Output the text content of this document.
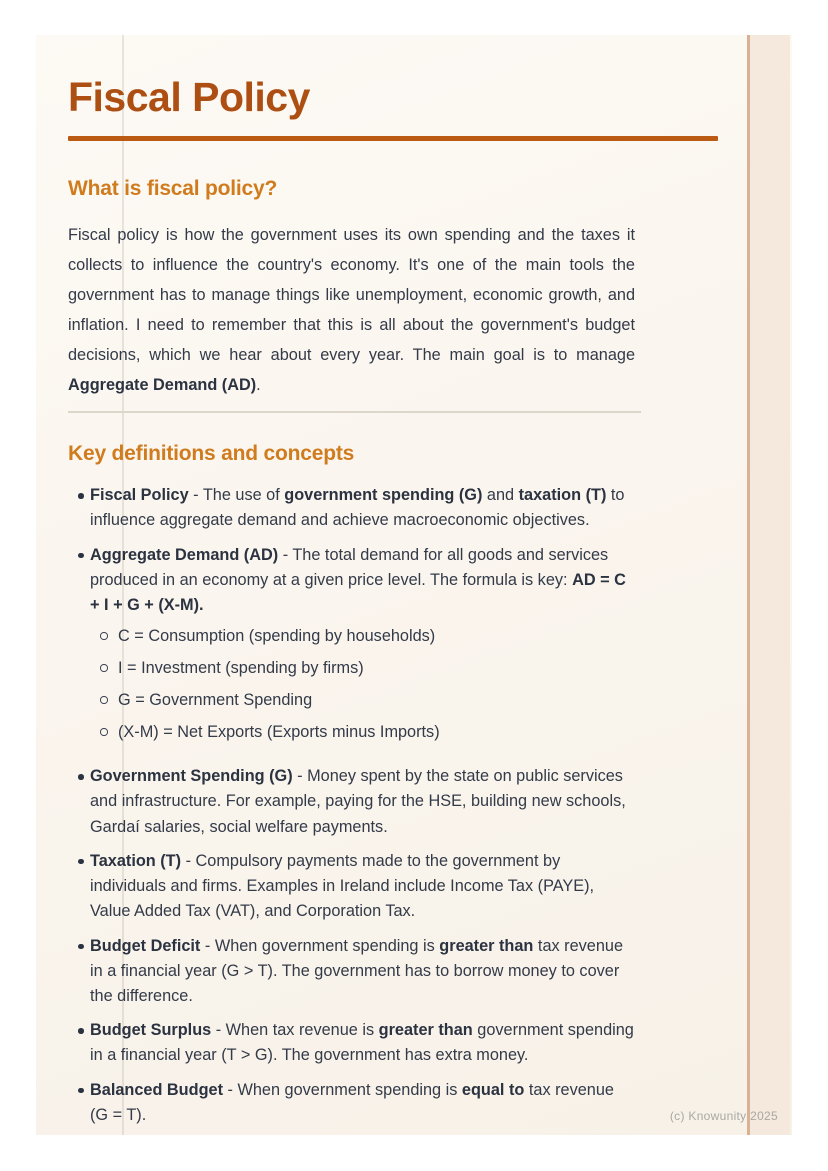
Fiscal Policy
What is fiscal policy?

Fiscal policy is how the government uses its own spending and the taxes it collects to influence the country's economy. It's one of the main tools the government has to manage things like unemployment, economic growth, and inflation. I need to remember that this is all about the government's budget decisions, which we hear about every year. The main goal is to manage Aggregate Demand (AD).

Key definitions and concepts
Fiscal Policy - The use of government spending (G) and taxation (T) to influence aggregate demand and achieve macroeconomic objectives.
Aggregate Demand (AD) - The total demand for all goods and services produced in an economy at a given price level. The formula is key: AD = C + I + G + (X-M).
C = Consumption (spending by households)
I = Investment (spending by firms)
G = Government Spending
(X-M) = Net Exports (Exports minus Imports)
Government Spending (G) - Money spent by the state on public services and infrastructure. For example, paying for the HSE, building new schools, Gardaí salaries, social welfare payments.
Taxation (T) - Compulsory payments made to the government by individuals and firms. Examples in Ireland include Income Tax (PAYE), Value Added Tax (VAT), and Corporation Tax.
Budget Deficit - When government spending is greater than tax revenue in a financial year (G > T). The government has to borrow money to cover the difference.
Budget Surplus - When tax revenue is greater than government spending in a financial year (T > G). The government has extra money.
Balanced Budget - When government spending is equal to tax revenue (G = T).	(c) Knowunity 2025
